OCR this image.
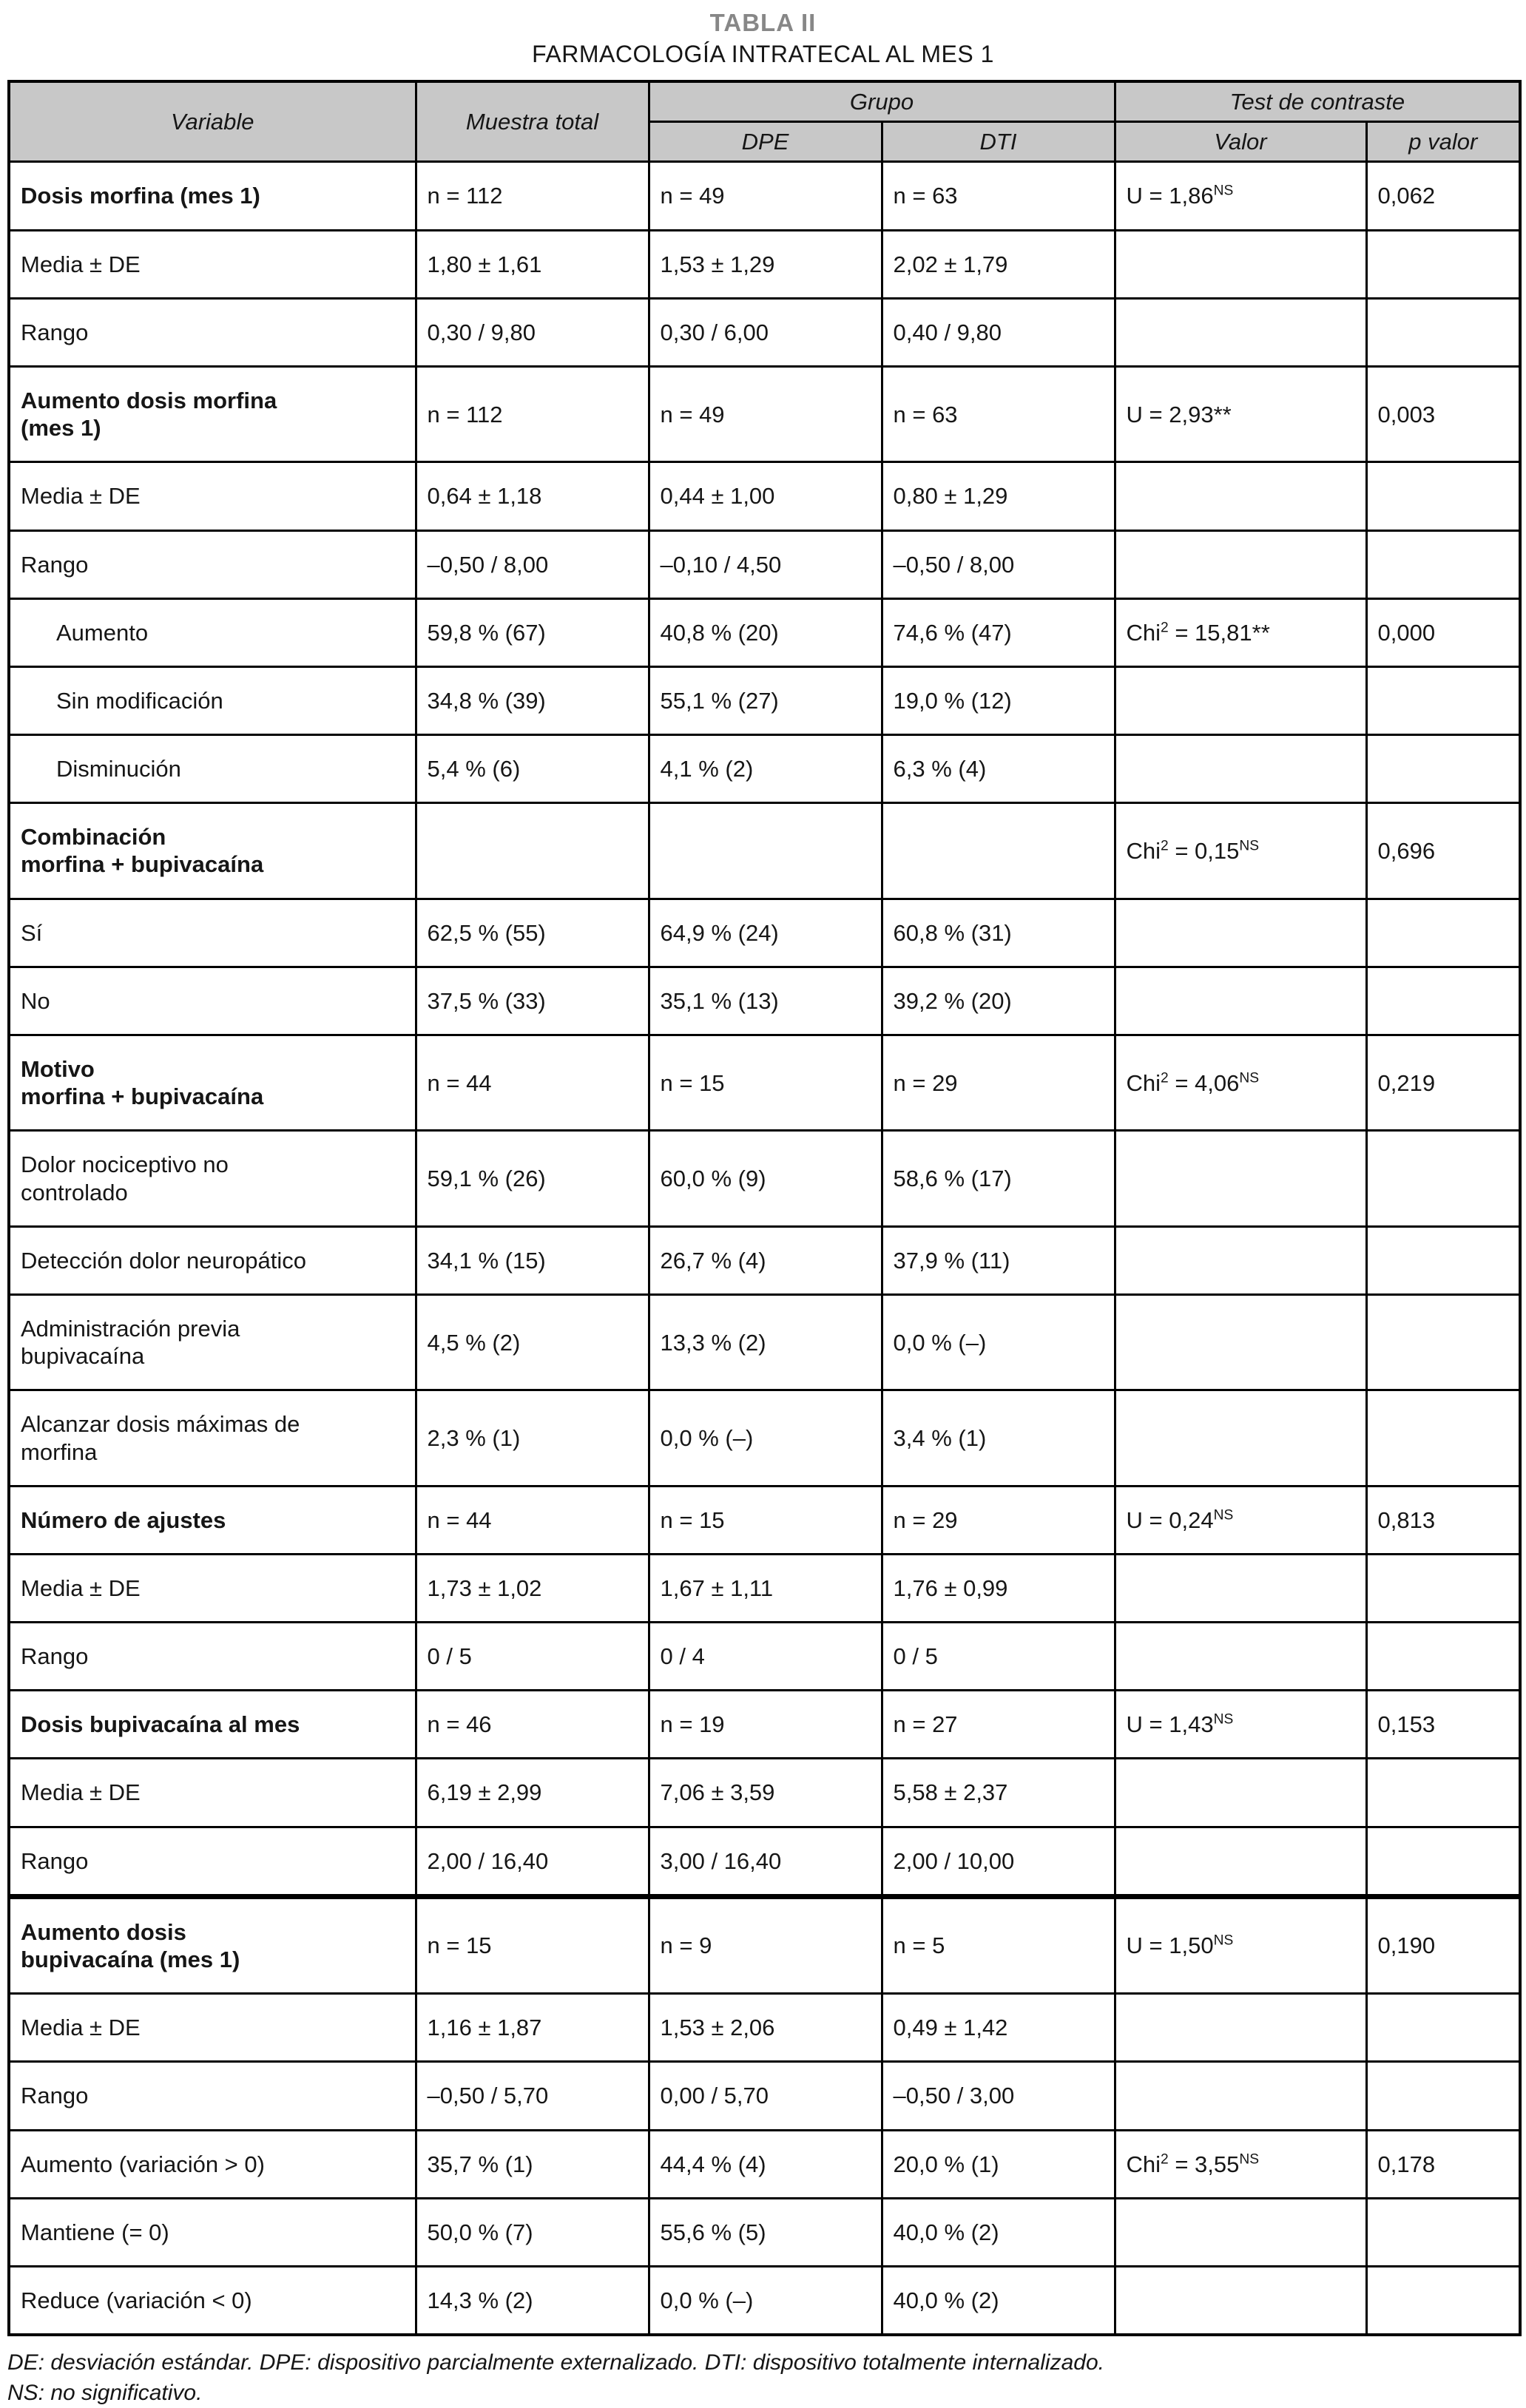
TABLA II
FARMACOLOGÍA INTRATECAL AL MES 1
Variable	Muestra total	Grupo		Test de contraste	
		DPE	DTI	Valor	p valor
Dosis morfina (mes 1)	n = 112	n = 49	n = 63	$U = 1,86^{NS}$	0,062
Media ± DE	1,80 ± 1,61	1,53 ± 1,29	2,02 ± 1,79		
Rango	0,30 / 9,80	0,30 / 6,00	0,40 / 9,80		
Aumento dosis morfina
(mes 1)	n = 112	n = 49	n = 63	U = 2,93**	0,003
Media ± DE	0,64 ± 1,18	0,44 ± 1,00	0,80 ± 1,29		
Rango	–0,50 / 8,00	–0,10 / 4,50	–0,50 / 8,00		
Aumento	59,8 % (67)	40,8 % (20)	74,6 % (47)	Chi$^2$ = 15,81**	0,000
Sin modificación	34,8 % (39)	55,1 % (27)	19,0 % (12)		
Disminución	5,4 % (6)	4,1 % (2)	6,3 % (4)		
Combinación
morfina + bupivacaína				$Chi^2 = 0,15^{NS}$	0,696
Sí	62,5 % (55)	64,9 % (24)	60,8 % (31)		
No	37,5 % (33)	35,1 % (13)	39,2 % (20)		
Motivo
morfina + bupivacaína	n = 44	n = 15	n = 29	$Chi^2 = 4,06^{NS}$	0,219
Dolor nociceptivo no
controlado	59,1 % (26)	60,0 % (9)	58,6 % (17)		
Detección dolor neuropático	34,1 % (15)	26,7 % (4)	37,9 % (11)		
Administración previa
bupivacaína	4,5 % (2)	13,3 % (2)	0,0 % (–)		
Alcanzar dosis máximas de
morfina	2,3 % (1)	0,0 % (–)	3,4 % (1)		
Número de ajustes	n = 44	n = 15	n = 29	$U = 0,24^{NS}$	0,813
Media ± DE	1,73 ± 1,02	1,67 ± 1,11	1,76 ± 0,99		
Rango	0 / 5	0 / 4	0 / 5		
Dosis bupivacaína al mes	n = 46	n = 19	n = 27	$U = 1,43^{NS}$	0,153
Media ± DE	6,19 ± 2,99	7,06 ± 3,59	5,58 ± 2,37		
Rango	2,00 / 16,40	3,00 / 16,40	2,00 / 10,00		
Aumento dosis
bupivacaína (mes 1)	n = 15	n = 9	n = 5	$U = 1,50^{NS}$	0,190
Media ± DE	1,16 ± 1,87	1,53 ± 2,06	0,49 ± 1,42		
Rango	–0,50 / 5,70	0,00 / 5,70	–0,50 / 3,00		
Aumento (variación > 0)	35,7 % (1)	44,4 % (4)	20,0 % (1)	$Chi^2 = 3,55^{NS}$	0,178
Mantiene (= 0)	50,0 % (7)	55,6 % (5)	40,0 % (2)		
Reduce (variación < 0)	14,3 % (2)	0,0 % (–)	40,0 % (2)		
DE: desviación estándar. DPE: dispositivo parcialmente externalizado. DTI: dispositivo totalmente internalizado.
NS: no significativo.
